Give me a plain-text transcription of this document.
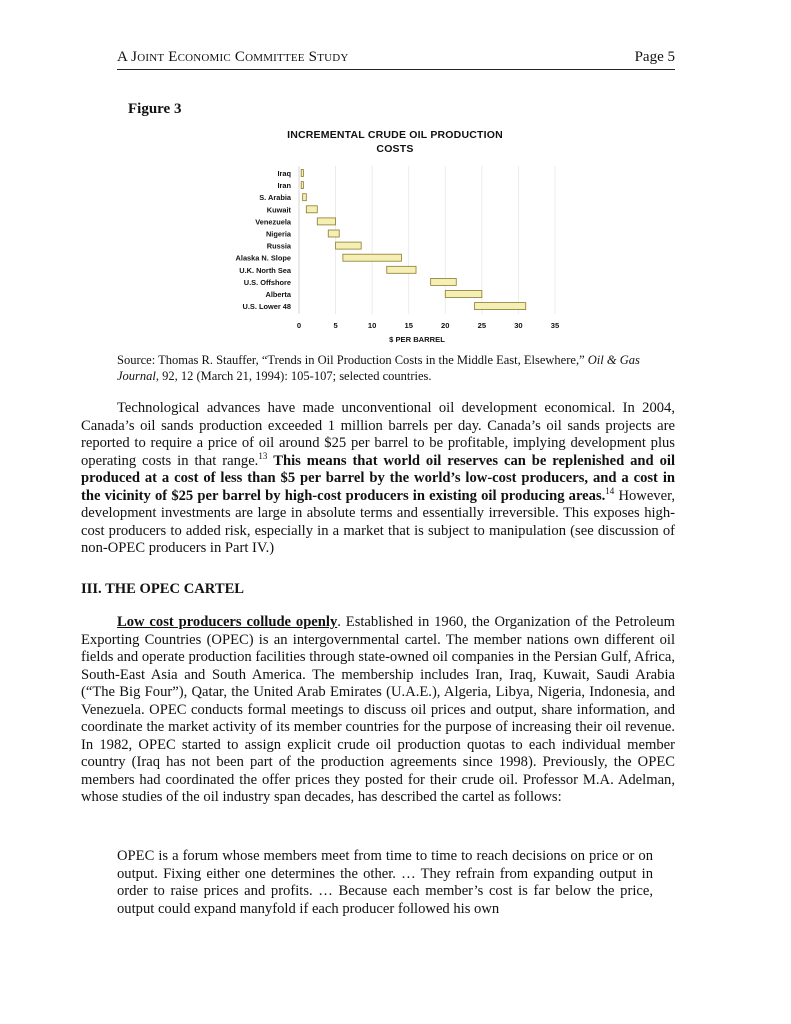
A Joint Economic Committee Study	Page 5
Figure 3
INCREMENTAL CRUDE OIL PRODUCTION
COSTS
Iraq
Iran
S. Arabia
Kuwait
Venezuela
Nigeria
Russia
Alaska N. Slope
U.K. North Sea
U.S. Offshore
Alberta
U.S. Lower 48
0	5	10	15	20	25	30	35
$ PER BARREL
Source: Thomas R. Stauffer, “Trends in Oil Production Costs in the Middle East, Elsewhere,” Oil & Gas Journal, 92, 12 (March 21, 1994): 105-107; selected countries.
Technological advances have made unconventional oil development economical. In 2004, Canada’s oil sands production exceeded 1 million barrels per day. Canada’s oil sands projects are reported to require a price of oil around $25 per barrel to be profitable, implying development plus operating costs in that range.$^{13}$ This means that world oil reserves can be replenished and oil produced at a cost of less than $5 per barrel by the world’s low-cost producers, and a cost in the vicinity of $25 per barrel by high-cost producers in existing oil producing areas.$^{14}$ However, development investments are large in absolute terms and essentially irreversible. This exposes high-cost producers to added risk, especially in a market that is subject to manipulation (see discussion of non-OPEC producers in Part IV.)
III. THE OPEC CARTEL
Low cost producers collude openly. Established in 1960, the Organization of the Petroleum Exporting Countries (OPEC) is an intergovernmental cartel. The member nations own different oil fields and operate production facilities through state-owned oil companies in the Persian Gulf, Africa, South-East Asia and South America. The membership includes Iran, Iraq, Kuwait, Saudi Arabia (“The Big Four”), Qatar, the United Arab Emirates (U.A.E.), Algeria, Libya, Nigeria, Indonesia, and Venezuela. OPEC conducts formal meetings to discuss oil prices and output, share information, and coordinate the market activity of its member countries for the purpose of increasing their oil revenue. In 1982, OPEC started to assign explicit crude oil production quotas to each individual member country (Iraq has not been part of the production agreements since 1998). Previously, the OPEC members had coordinated the offer prices they posted for their crude oil. Professor M.A. Adelman, whose studies of the oil industry span decades, has described the cartel as follows:
OPEC is a forum whose members meet from time to time to reach decisions on price or on output. Fixing either one determines the other. … They refrain from expanding output in order to raise prices and profits. … Because each member’s cost is far below the price, output could expand manyfold if each producer followed his own
